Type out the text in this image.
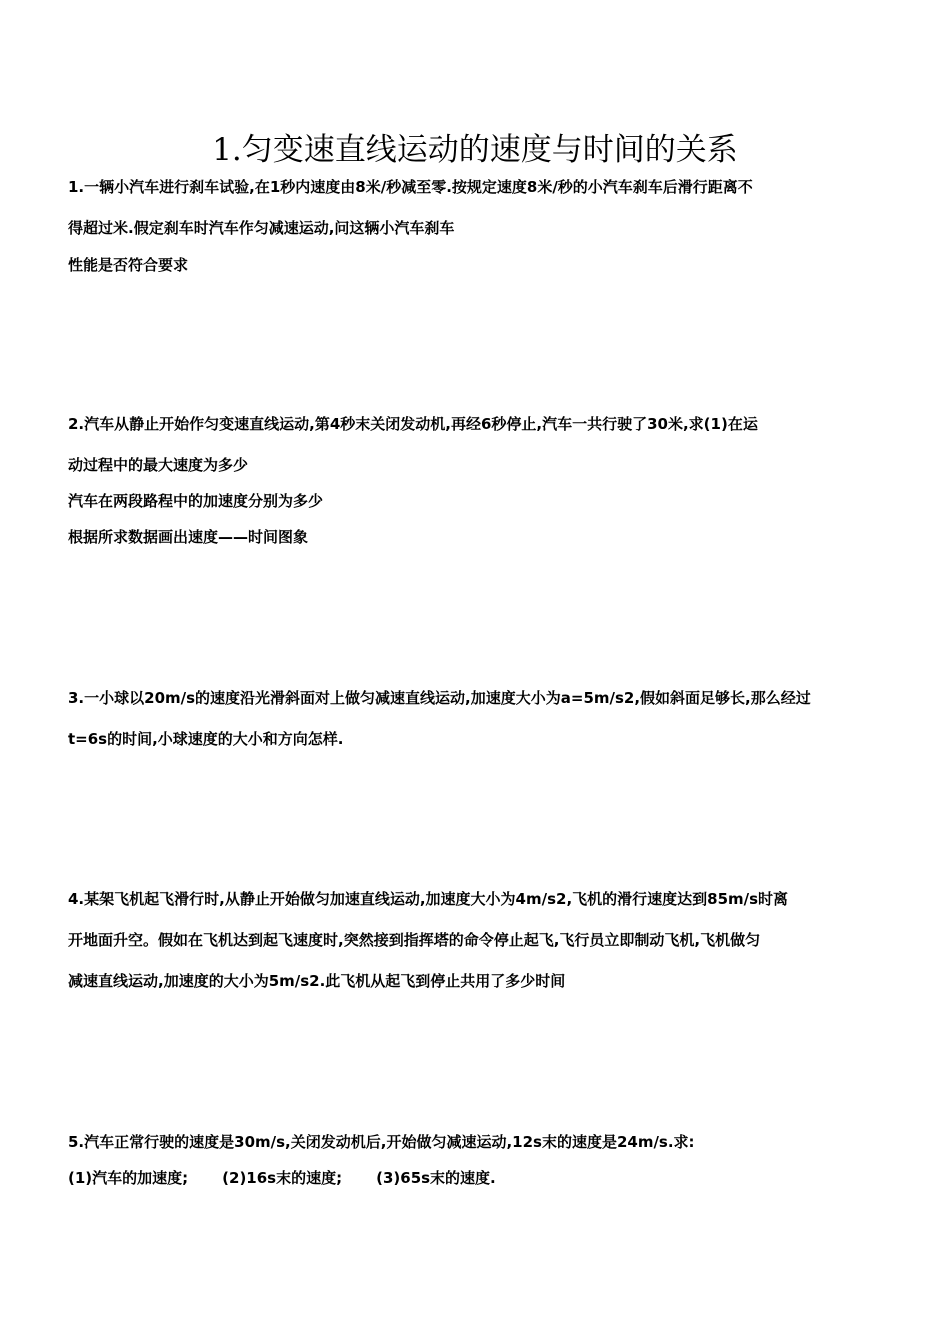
1.匀变速直线运动的速度与时间的关系
1.一辆小汽车进行刹车试验,在1秒内速度由8米/秒减至零.按规定速度8米/秒的小汽车刹车后滑行距离不
得超过米.假定刹车时汽车作匀减速运动,问这辆小汽车刹车
性能是否符合要求
2.汽车从静止开始作匀变速直线运动,第4秒末关闭发动机,再经6秒停止,汽车一共行驶了30米,求(1)在运
动过程中的最大速度为多少
汽车在两段路程中的加速度分别为多少
根据所求数据画出速度——时间图象
3.一小球以20m/s的速度沿光滑斜面对上做匀减速直线运动,加速度大小为a=5m/s2,假如斜面足够长,那么经过
t=6s的时间,小球速度的大小和方向怎样.
4.某架飞机起飞滑行时,从静止开始做匀加速直线运动,加速度大小为4m/s2,飞机的滑行速度达到85m/s时离
开地面升空。假如在飞机达到起飞速度时,突然接到指挥塔的命令停止起飞,飞行员立即制动飞机,飞机做匀
减速直线运动,加速度的大小为5m/s2.此飞机从起飞到停止共用了多少时间
5.汽车正常行驶的速度是30m/s,关闭发动机后,开始做匀减速运动,12s末的速度是24m/s.求:
(1)汽车的加速度; (2)16s末的速度; (3)65s末的速度.
